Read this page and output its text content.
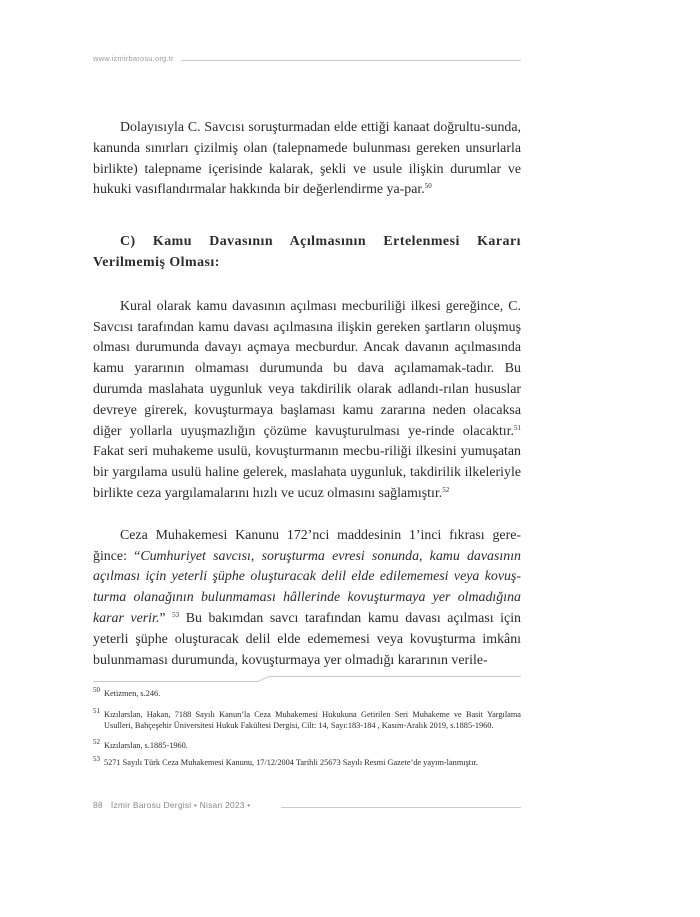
www.izmirbarosu.org.tr

Dolayısıyla C. Savcısı soruşturmadan elde ettiği kanaat doğrultu-sunda, kanunda sınırları çizilmiş olan (talepnamede bulunması gereken unsurlarla birlikte) talepname içerisinde kalarak, şekli ve usule ilişkin durumlar ve hukuki vasıflandırmalar hakkında bir değerlendirme ya-par.$^{50}$

C) Kamu Davasının Açılmasının Ertelenmesi Kararı Verilmemiş Olması:

Kural olarak kamu davasının açılması mecburiliği ilkesi gereğince, C. Savcısı tarafından kamu davası açılmasına ilişkin gereken şartların oluşmuş olması durumunda davayı açmaya mecburdur. Ancak davanın açılmasında kamu yararının olmaması durumunda bu dava açılamamak-tadır. Bu durumda maslahata uygunluk veya takdirilik olarak adlandı-rılan hususlar devreye girerek, kovuşturmaya başlaması kamu zararına neden olacaksa diğer yollarla uyuşmazlığın çözüme kavuşturulması ye-rinde olacaktır.$^{51}$ Fakat seri muhakeme usulü, kovuşturmanın mecbu-riliği ilkesini yumuşatan bir yargılama usulü haline gelerek, maslahata uygunluk, takdirilik ilkeleriyle birlikte ceza yargılamalarını hızlı ve ucuz olmasını sağlamıştır.$^{52}$

Ceza Muhakemesi Kanunu 172’nci maddesinin 1’inci fıkrası gere-ğince: “Cumhuriyet savcısı, soruşturma evresi sonunda, kamu davasının açılması için yeterli şüphe oluşturacak delil elde edilememesi veya kovuş-turma olanağının bulunmaması hâllerinde kovuşturmaya yer olmadığına karar verir.” $^{53}$ Bu bakımdan savcı tarafından kamu davası açılması için yeterli şüphe oluşturacak delil elde edememesi veya kovuşturma imkânı bulunmaması durumunda, kovuşturmaya yer olmadığı kararının verile-

50 Ketizmen, s.246.
51 Kızılarslan, Hakan, 7188 Sayılı Kanun’la Ceza Muhakemesi Hukukuna Getirilen Seri Muhakeme ve Basit Yargılama Usulleri, Bahçeşehir Üniversitesi Hukuk Fakültesi Dergisi, Cilt: 14, Sayı:183-184 , Kasım-Aralık 2019, s.1885-1960.
52 Kızılarslan, s.1885-1960.
53 5271 Sayılı Türk Ceza Muhakemesi Kanunu, 17/12/2004 Tarihli 25673 Sayılı Resmi Gazete’de yayım-lanmıştır.
88 İzmir Barosu Dergisi • Nisan 2023 •
